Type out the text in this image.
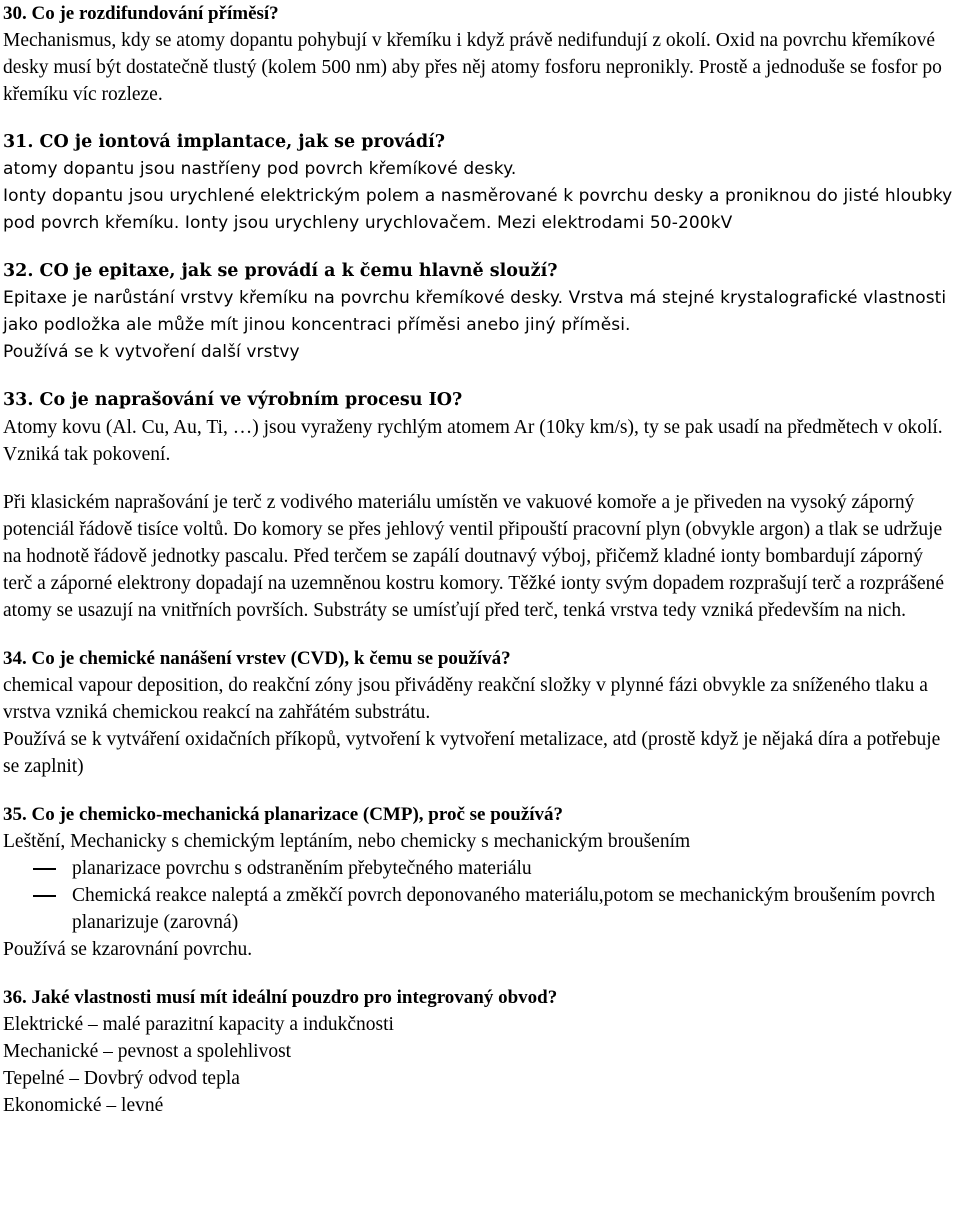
30. Co je rozdifundování příměsí?

Mechanismus, kdy se atomy dopantu pohybují v křemíku i když právě nedifundují z okolí. Oxid na povrchu křemíkové desky musí být dostatečně tlustý (kolem 500 nm) aby přes něj atomy fosforu nepronikly. Prostě a jednoduše se fosfor po křemíku víc rozleze.

31. CO je iontová implantace, jak se provádí?

atomy dopantu jsou nastříeny pod povrch křemíkové desky.

Ionty dopantu jsou urychlené elektrickým polem a nasměrované k povrchu desky a proniknou do jisté hloubky pod povrch křemíku. Ionty jsou urychleny urychlovačem. Mezi elektrodami 50-200kV

32. CO je epitaxe, jak se provádí a k čemu hlavně slouží?

Epitaxe je narůstání vrstvy křemíku na povrchu křemíkové desky. Vrstva má stejné krystalografické vlastnosti jako podložka ale může mít jinou koncentraci příměsi anebo jiný příměsi.

Používá se k vytvoření další vrstvy

33. Co je naprašování ve výrobním procesu IO?

Atomy kovu (Al. Cu, Au, Ti, …) jsou vyraženy rychlým atomem Ar (10ky km/s), ty se pak usadí na předmětech v okolí. Vzniká tak pokovení.

Při klasickém naprašování je terč z vodivého materiálu umístěn ve vakuové komoře a je přiveden na vysoký záporný potenciál řádově tisíce voltů. Do komory se přes jehlový ventil připouští pracovní plyn (obvykle argon) a tlak se udržuje na hodnotě řádově jednotky pascalu. Před terčem se zapálí doutnavý výboj, přičemž kladné ionty bombardují záporný terč a záporné elektrony dopadají na uzemněnou kostru komory. Těžké ionty svým dopadem rozprašují terč a rozprášené atomy se usazují na vnitřních površích. Substráty se umísťují před terč, tenká vrstva tedy vzniká především na nich.

34. Co je chemické nanášení vrstev (CVD), k čemu se používá?

chemical vapour deposition, do reakční zóny jsou přiváděny reakční složky v plynné fázi obvykle za sníženého tlaku a vrstva vzniká chemickou reakcí na zahřátém substrátu.

Používá se k vytváření oxidačních příkopů, vytvoření k vytvoření metalizace, atd (prostě když je nějaká díra a potřebuje se zaplnit)

35. Co je chemicko-mechanická planarizace (CMP), proč se používá?

Leštění, Mechanicky s chemickým leptáním, nebo chemicky s mechanickým broušením

planarizace povrchu s odstraněním přebytečného materiálu
Chemická reakce naleptá a změkčí povrch deponovaného materiálu,potom se mechanickým broušením povrch planarizuje (zarovná)

Používá se kzarovnání povrchu.

36. Jaké vlastnosti musí mít ideální pouzdro pro integrovaný obvod?

Elektrické – malé parazitní kapacity a indukčnosti

Mechanické – pevnost a spolehlivost

Tepelné – Dovbrý odvod tepla

Ekonomické – levné
